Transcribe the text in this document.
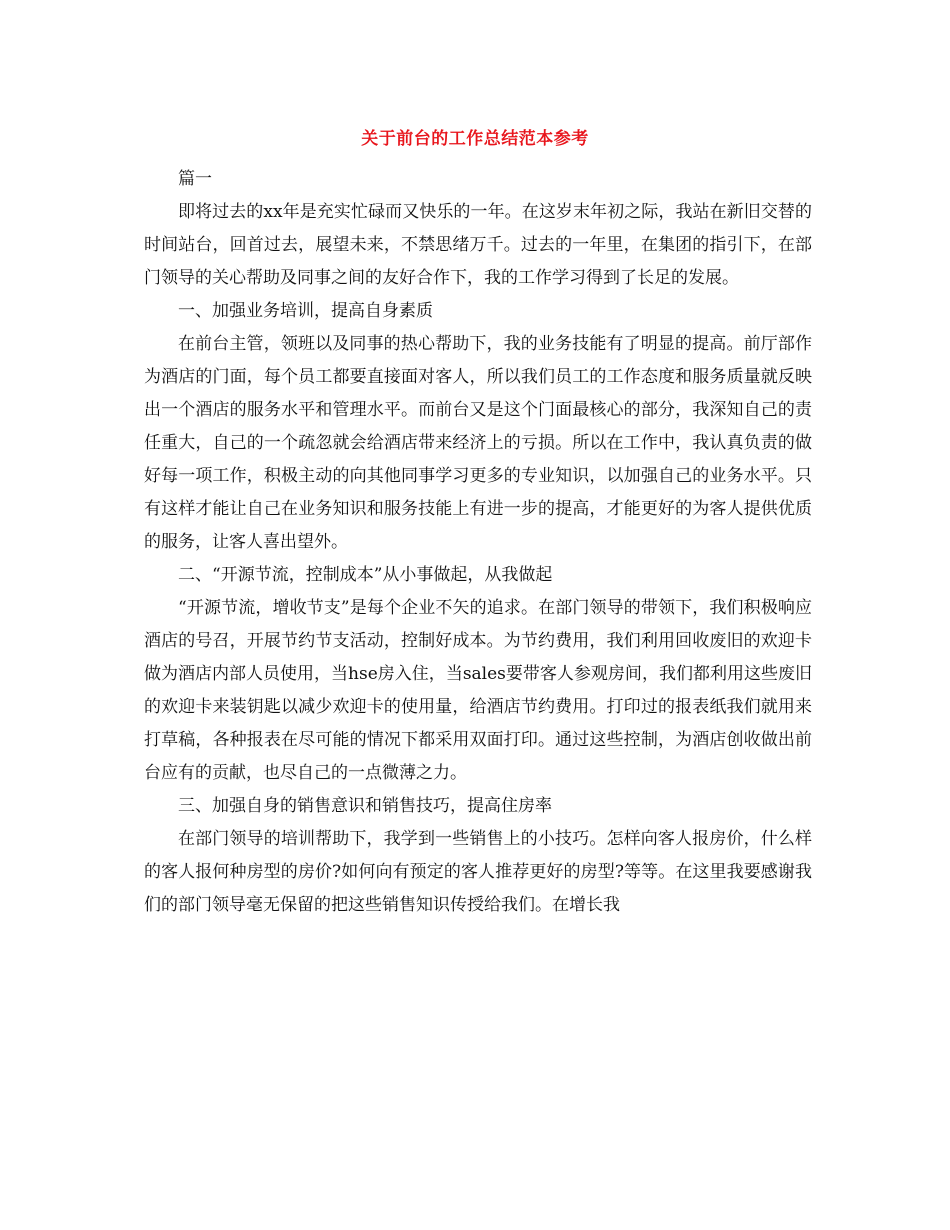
关于前台的工作总结范本参考

篇一

即将过去的xx年是充实忙碌而又快乐的一年。在这岁末年初之际，我站在新旧交替的时间站台，回首过去，展望未来，不禁思绪万千。过去的一年里，在集团的指引下，在部门领导的关心帮助及同事之间的友好合作下，我的工作学习得到了长足的发展。

一、加强业务培训，提高自身素质

在前台主管，领班以及同事的热心帮助下，我的业务技能有了明显的提高。前厅部作为酒店的门面，每个员工都要直接面对客人，所以我们员工的工作态度和服务质量就反映出一个酒店的服务水平和管理水平。而前台又是这个门面最核心的部分，我深知自己的责任重大，自己的一个疏忽就会给酒店带来经济上的亏损。所以在工作中，我认真负责的做好每一项工作，积极主动的向其他同事学习更多的专业知识，以加强自己的业务水平。只有这样才能让自己在业务知识和服务技能上有进一步的提高，才能更好的为客人提供优质的服务，让客人喜出望外。

二、“开源节流，控制成本”从小事做起，从我做起

“开源节流，增收节支”是每个企业不矢的追求。在部门领导的带领下，我们积极响应酒店的号召，开展节约节支活动，控制好成本。为节约费用，我们利用回收废旧的欢迎卡做为酒店内部人员使用，当hse房入住，当sales要带客人参观房间，我们都利用这些废旧的欢迎卡来装钥匙以减少欢迎卡的使用量，给酒店节约费用。打印过的报表纸我们就用来打草稿，各种报表在尽可能的情况下都采用双面打印。通过这些控制，为酒店创收做出前台应有的贡献，也尽自己的一点微薄之力。

三、加强自身的销售意识和销售技巧，提高住房率

在部门领导的培训帮助下，我学到一些销售上的小技巧。怎样向客人报房价，什么样的客人报何种房型的房价?如何向有预定的客人推荐更好的房型?等等。在这里我要感谢我们的部门领导毫无保留的把这些销售知识传授给我们。在增长我
